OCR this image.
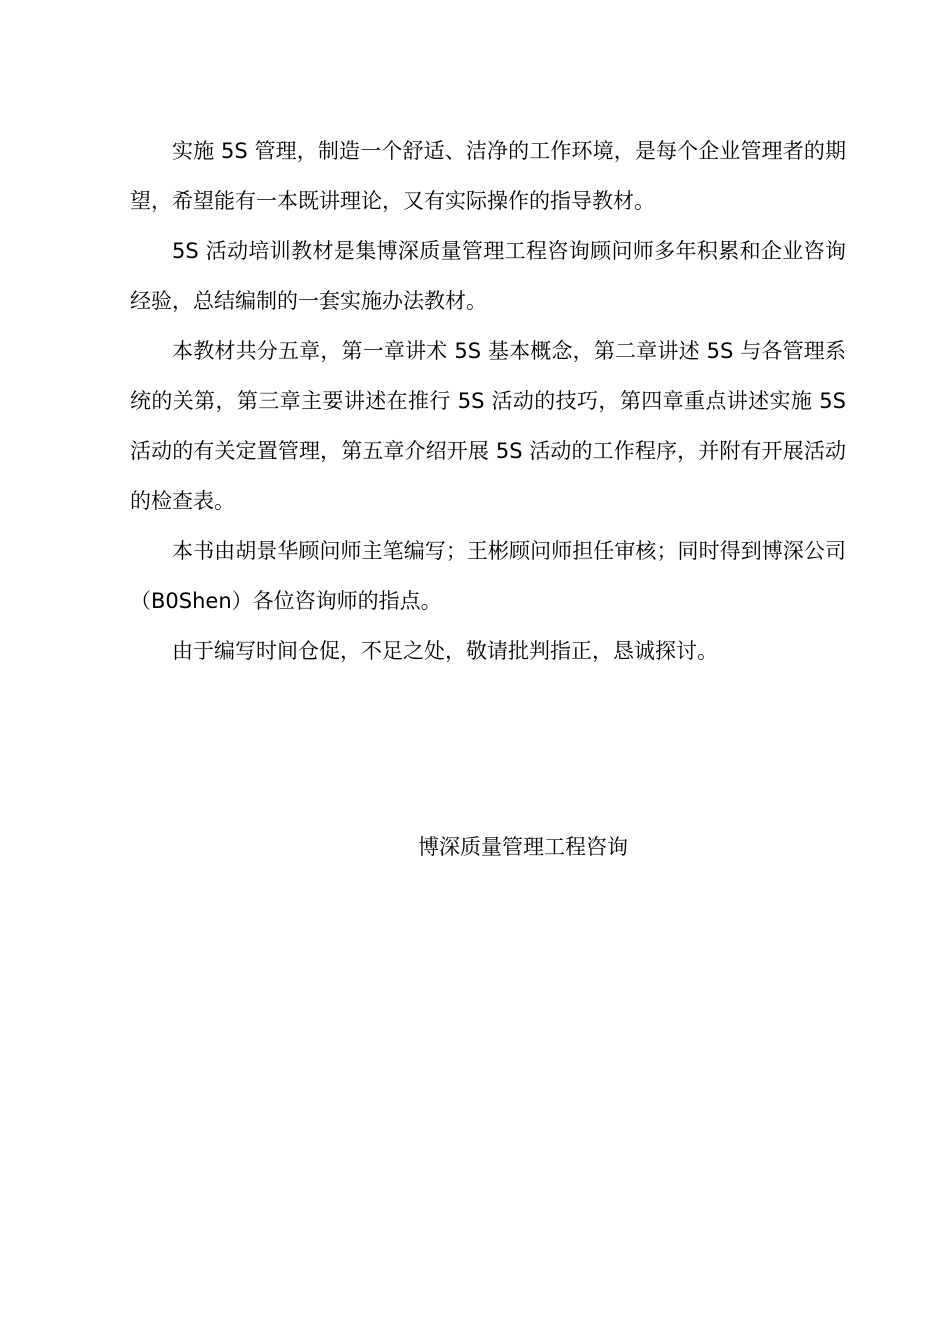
实施 5S 管理，制造一个舒适、洁净的工作环境，是每个企业管理者的期望，希望能有一本既讲理论，又有实际操作的指导教材。

5S 活动培训教材是集博深质量管理工程咨询顾问师多年积累和企业咨询经验，总结编制的一套实施办法教材。

本教材共分五章，第一章讲术 5S 基本概念，第二章讲述 5S 与各管理系统的关第，第三章主要讲述在推行 5S 活动的技巧，第四章重点讲述实施 5S 活动的有关定置管理，第五章介绍开展 5S 活动的工作程序，并附有开展活动的检查表。

本书由胡景华顾问师主笔编写；王彬顾问师担任审核；同时得到博深公司（B0Shen）各位咨询师的指点。

由于编写时间仓促，不足之处，敬请批判指正，恳诚探讨。

博深质量管理工程咨询
